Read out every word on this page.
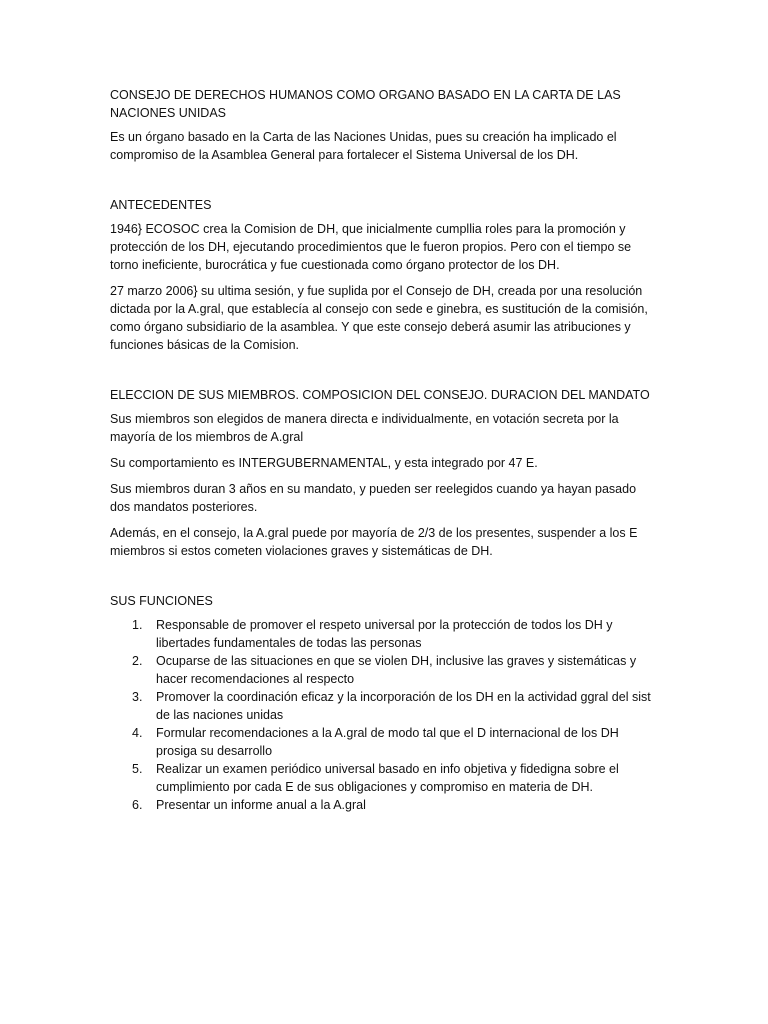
CONSEJO DE DERECHOS HUMANOS COMO ORGANO BASADO EN LA CARTA DE LAS NACIONES UNIDAS

Es un órgano basado en la Carta de las Naciones Unidas, pues su creación ha implicado el compromiso de la Asamblea General para fortalecer el Sistema Universal de los DH.

ANTECEDENTES

1946} ECOSOC crea la Comision de DH, que inicialmente cumpllia roles para la promoción y protección de los DH, ejecutando procedimientos que le fueron propios. Pero con el tiempo se torno ineficiente, burocrática y fue cuestionada como órgano protector de los DH.

27 marzo 2006} su ultima sesión, y fue suplida por el Consejo de DH, creada por una resolución dictada por la A.gral, que establecía al consejo con sede e ginebra, es sustitución de la comisión, como órgano subsidiario de la asamblea. Y que este consejo deberá asumir las atribuciones y funciones básicas de la Comision.

ELECCION DE SUS MIEMBROS. COMPOSICION DEL CONSEJO. DURACION DEL MANDATO

Sus miembros son elegidos de manera directa e individualmente, en votación secreta por la mayoría de los miembros de A.gral

Su comportamiento es INTERGUBERNAMENTAL, y esta integrado por 47 E.

Sus miembros duran 3 años en su mandato, y pueden ser reelegidos cuando ya hayan pasado dos mandatos posteriores.

Además, en el consejo, la A.gral puede por mayoría de 2/3 de los presentes, suspender a los E miembros si estos cometen violaciones graves y sistemáticas de DH.

SUS FUNCIONES

1. Responsable de promover el respeto universal por la protección de todos los DH y libertades fundamentales de todas las personas
2. Ocuparse de las situaciones en que se violen DH, inclusive las graves y sistemáticas y hacer recomendaciones al respecto
3. Promover la coordinación eficaz y la incorporación de los DH en la actividad ggral del sist de las naciones unidas
4. Formular recomendaciones a la A.gral de modo tal que el D internacional de los DH prosiga su desarrollo
5. Realizar un examen periódico universal basado en info objetiva y fidedigna sobre el cumplimiento por cada E de sus obligaciones y compromiso en materia de DH.
6. Presentar un informe anual a la A.gral
